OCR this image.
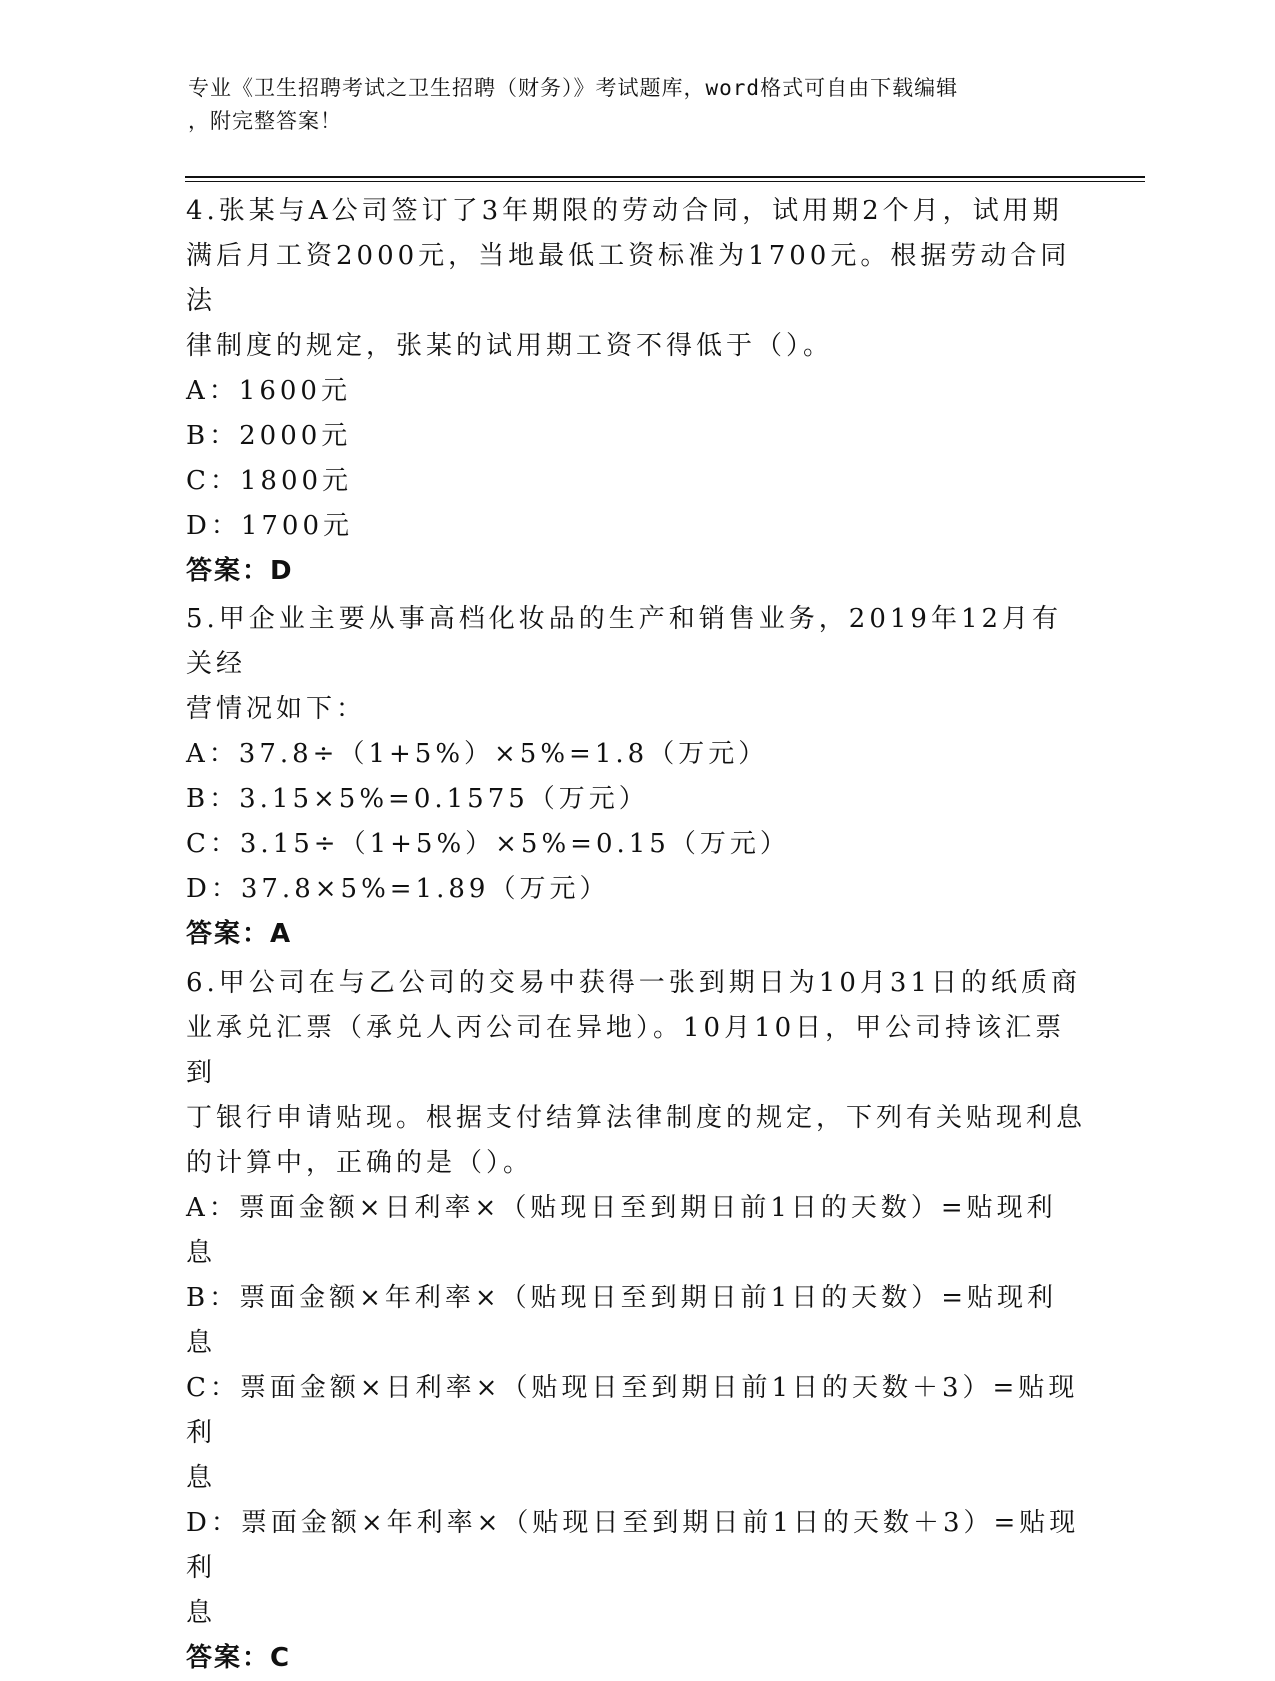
专业《卫生招聘考试之卫生招聘（财务）》考试题库，word格式可自由下载编辑
，附完整答案！

4.张某与A公司签订了3年期限的劳动合同，试用期2个月，试用期

满后月工资2000元，当地最低工资标准为1700元。根据劳动合同法

律制度的规定，张某的试用期工资不得低于（）。

A：1600元

B：2000元

C：1800元

D：1700元

答案：D

5.甲企业主要从事高档化妆品的生产和销售业务，2019年12月有关经

营情况如下：

A：37.8÷（1+5%）×5%=1.8（万元）

B：3.15×5%=0.1575（万元）

C：3.15÷（1+5%）×5%=0.15（万元）

D：37.8×5%=1.89（万元）

答案：A

6.甲公司在与乙公司的交易中获得一张到期日为10月31日的纸质商

业承兑汇票（承兑人丙公司在异地）。10月10日，甲公司持该汇票到

丁银行申请贴现。根据支付结算法律制度的规定，下列有关贴现利息

的计算中，正确的是（）。

A：票面金额×日利率×（贴现日至到期日前1日的天数）=贴现利息

B：票面金额×年利率×（贴现日至到期日前1日的天数）=贴现利息

C：票面金额×日利率×（贴现日至到期日前1日的天数＋3）=贴现利

息

D：票面金额×年利率×（贴现日至到期日前1日的天数＋3）=贴现利

息

答案：C
